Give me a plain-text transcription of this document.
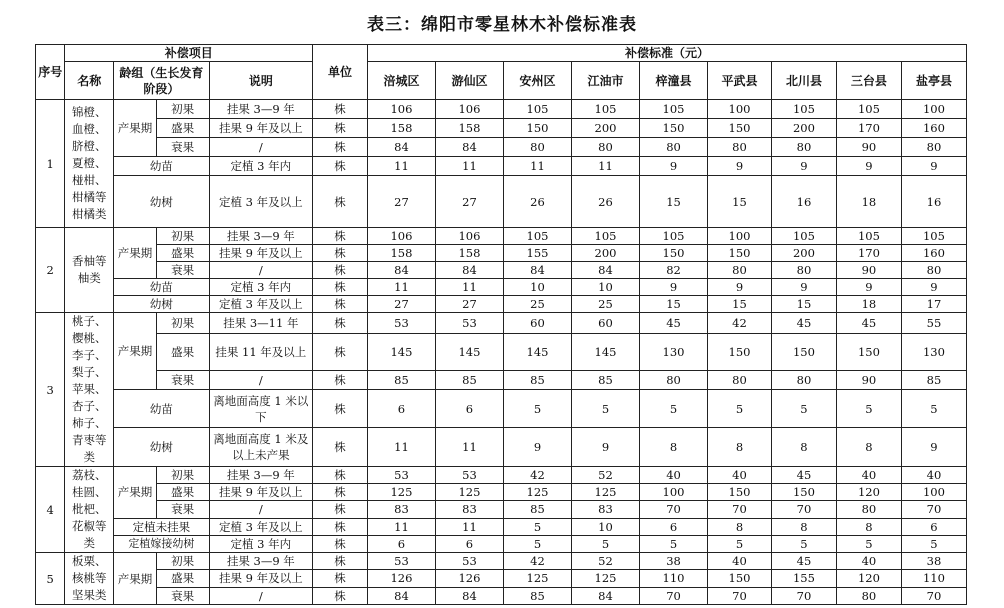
表三：绵阳市零星林木补偿标准表
序号	补偿项目				单位	补偿标准（元）								
	名称	龄组（生长发育阶段）		说明		涪城区	游仙区	安州区	江油市	梓潼县	平武县	北川县	三台县	盐亭县
1	锦橙、血橙、脐橙、夏橙、椪柑、柑橘等柑橘类	产果期	初果	挂果 3—9 年	株	106	106	105	105	105	100	105	105	100
			盛果	挂果 9 年及以上	株	158	158	150	200	150	150	200	170	160
			衰果	/	株	84	84	80	80	80	80	80	90	80
		幼苗		定植 3 年内	株	11	11	11	11	9	9	9	9	9
		幼树		定植 3 年及以上	株	27	27	26	26	15	15	16	18	16
2	香柚等柚类	产果期	初果	挂果 3—9 年	株	106	106	105	105	105	100	105	105	105
			盛果	挂果 9 年及以上	株	158	158	155	200	150	150	200	170	160
			衰果	/	株	84	84	84	84	82	80	80	90	80
		幼苗		定植 3 年内	株	11	11	10	10	9	9	9	9	9
		幼树		定植 3 年及以上	株	27	27	25	25	15	15	15	18	17
3	桃子、樱桃、李子、梨子、苹果、杏子、柿子、青枣等类	产果期	初果	挂果 3—11 年	株	53	53	60	60	45	42	45	45	55
			盛果	挂果 11 年及以上	株	145	145	145	145	130	150	150	150	130
			衰果	/	株	85	85	85	85	80	80	80	90	85
		幼苗		离地面高度 1 米以下	株	6	6	5	5	5	5	5	5	5
		幼树		离地面高度 1 米及以上未产果	株	11	11	9	9	8	8	8	8	9
4	荔枝、桂圆、枇杷、花椒等类	产果期	初果	挂果 3—9 年	株	53	53	42	52	40	40	45	40	40
			盛果	挂果 9 年及以上	株	125	125	125	125	100	150	150	120	100
			衰果	/	株	83	83	85	83	70	70	70	80	70
		定植未挂果		定植 3 年及以上	株	11	11	5	10	6	8	8	8	6
		定植嫁接幼树		定植 3 年内	株	6	6	5	5	5	5	5	5	5
5	板栗、核桃等坚果类	产果期	初果	挂果 3—9 年	株	53	53	42	52	38	40	45	40	38
			盛果	挂果 9 年及以上	株	126	126	125	125	110	150	155	120	110
			衰果	/	株	84	84	85	84	70	70	70	80	70
